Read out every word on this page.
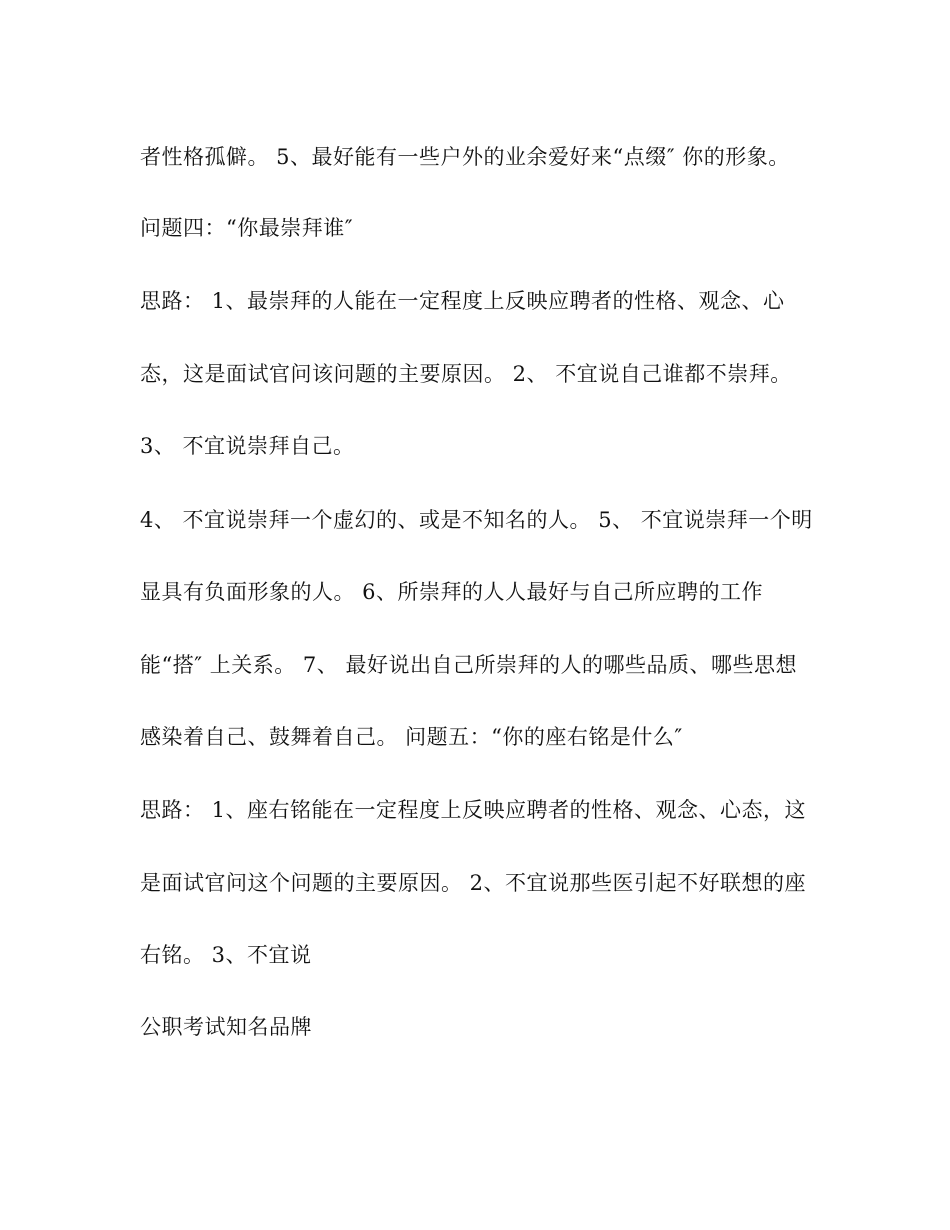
者性格孤僻。 5、最好能有一些户外的业余爱好来“点缀″ 你的形象。
问题四：“你最崇拜谁″
思路： 1、最崇拜的人能在一定程度上反映应聘者的性格、观念、心
态，这是面试官问该问题的主要原因。 2、 不宜说自己谁都不崇拜。
3、 不宜说崇拜自己。
4、 不宜说崇拜一个虚幻的、或是不知名的人。 5、 不宜说崇拜一个明
显具有负面形象的人。 6、所崇拜的人人最好与自己所应聘的工作
能“搭″ 上关系。 7、 最好说出自己所崇拜的人的哪些品质、哪些思想
感染着自己、鼓舞着自己。 问题五：“你的座右铭是什么″
思路： 1、座右铭能在一定程度上反映应聘者的性格、观念、心态，这
是面试官问这个问题的主要原因。 2、不宜说那些医引起不好联想的座
右铭。 3、不宜说
公职考试知名品牌
